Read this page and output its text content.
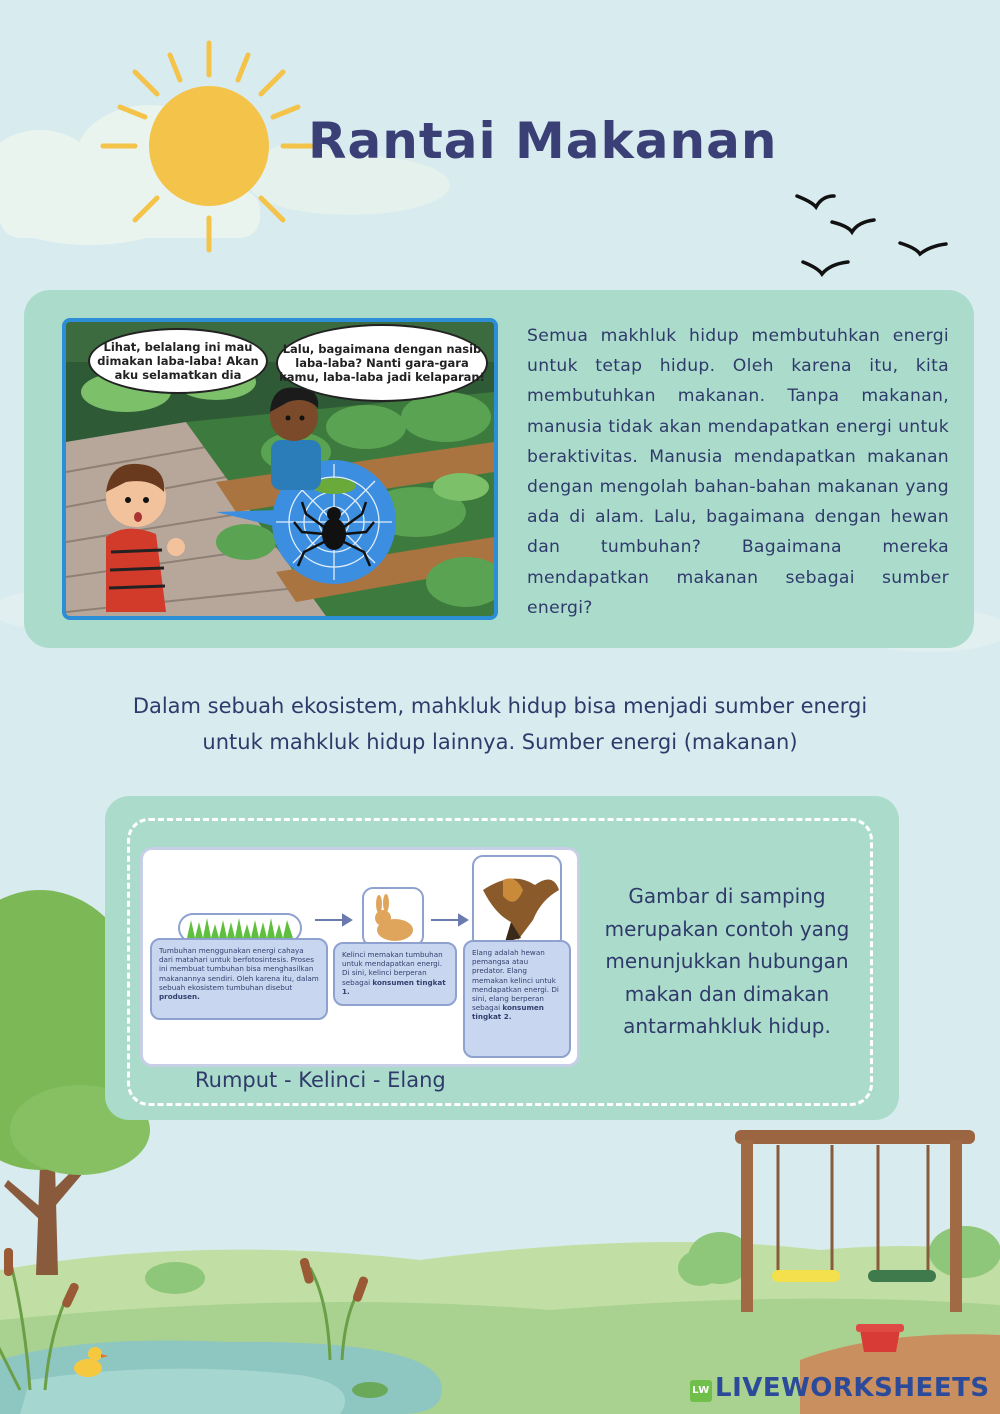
Rantai Makanan
Lihat, belalang ini mau dimakan laba-laba! Akan aku selamatkan dia
Lalu, bagaimana dengan nasib laba-laba? Nanti gara-gara kamu, laba-laba jadi kelaparan!

Semua makhluk hidup membutuhkan energi untuk tetap hidup. Oleh karena itu, kita membutuhkan makanan. Tanpa makanan, manusia tidak akan mendapatkan energi untuk beraktivitas. Manusia mendapatkan makanan dengan mengolah bahan-bahan makanan yang ada di alam. Lalu, bagaimana dengan hewan dan tumbuhan? Bagaimana mereka mendapatkan makanan sebagai sumber energi?

Dalam sebuah ekosistem, mahkluk hidup bisa menjadi sumber energi
untuk mahkluk hidup lainnya. Sumber energi (makanan)
Tumbuhan menggunakan energi cahaya dari matahari untuk berfotosintesis. Proses ini membuat tumbuhan bisa menghasilkan makanannya sendiri. Oleh karena itu, dalam sebuah ekosistem tumbuhan disebut produsen.
Kelinci memakan tumbuhan untuk mendapatkan energi. Di sini, kelinci berperan sebagai konsumen tingkat 1.
Elang adalah hewan pemangsa atau predator. Elang memakan kelinci untuk mendapatkan energi. Di sini, elang berperan sebagai konsumen tingkat 2.
Rumput - Kelinci - Elang

Gambar di samping merupakan contoh yang menunjukkan hubungan makan dan dimakan antarmahkluk hidup.

LW LIVEWORKSHEETS
